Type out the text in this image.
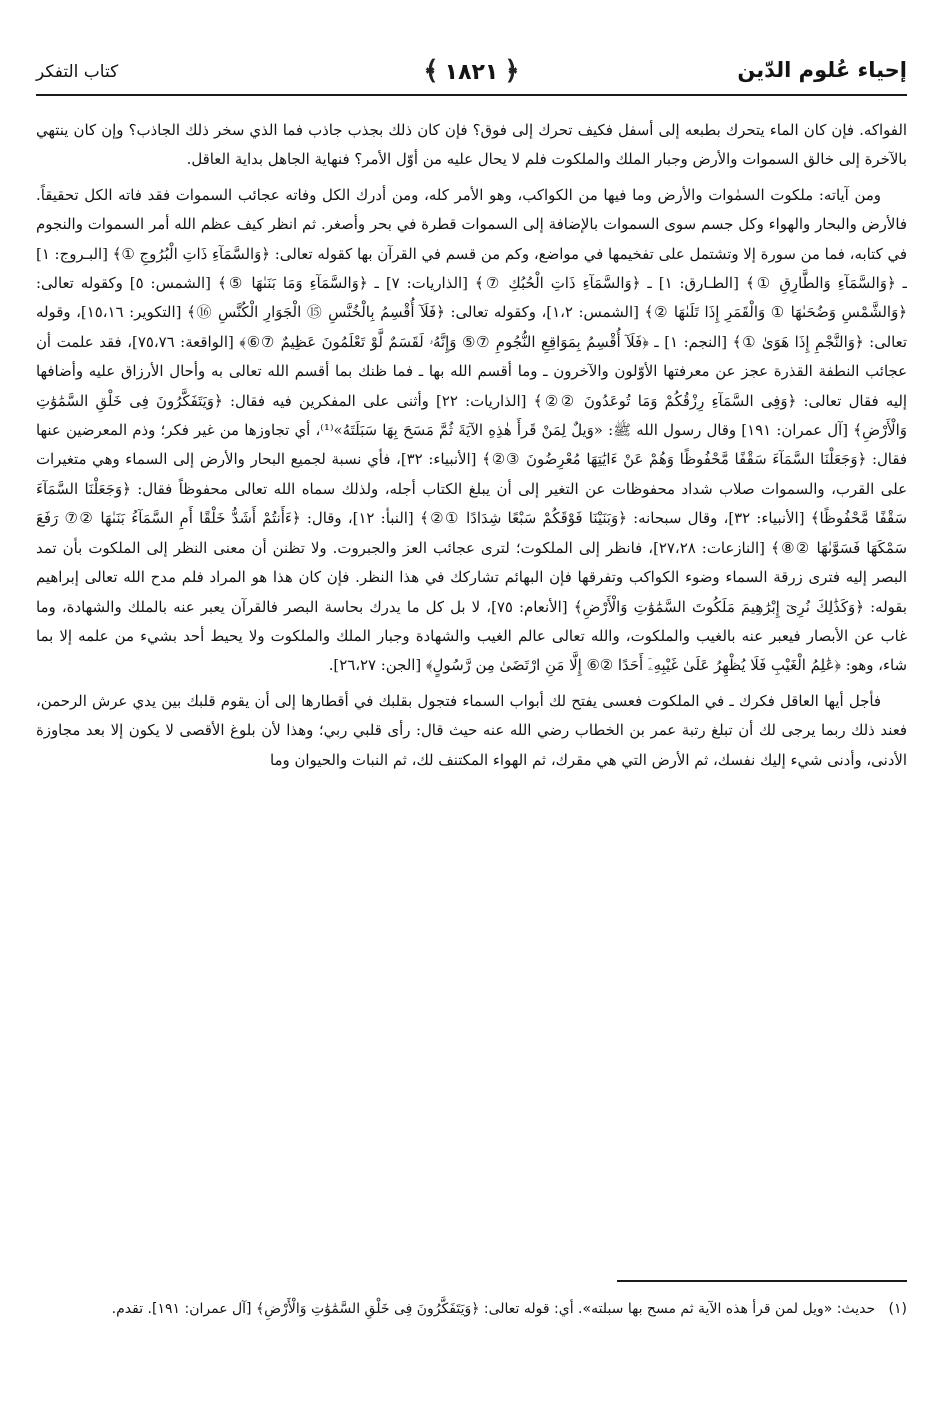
إحياء عُلوم الدّين
﴾ ١٨٢١ ﴿
كتاب التفكر

الفواكه. فإن كان الماء يتحرك بطبعه إلى أسفل فكيف تحرك إلى فوق؟ فإن كان ذلك بجذب جاذب فما الذي سخر ذلك الجاذب؟ وإن كان ينتهي بالآخرة إلى خالق السموات والأرض وجبار الملك والملكوت فلم لا يحال عليه من أوّل الأمر؟ فنهاية الجاهل بداية العاقل.

ومن آياته: ملكوت السمٰوات والأرض وما فيها من الكواكب، وهو الأمر كله، ومن أدرك الكل وفاته عجائب السموات فقد فاته الكل تحقيقاً. فالأرض والبحار والهواء وكل جسم سوى السموات بالإضافة إلى السموات قطرة في بحر وأصغر. ثم انظر كيف عظم الله أمر السموات والنجوم في كتابه، فما من سورة إلا وتشتمل على تفخيمها في مواضع، وكم من قسم في القرآن بها كقوله تعالى: ﴿وَالسَّمَآءِ ذَاتِ الْبُرُوجِ ①﴾ [البـروج: ١] ـ ﴿وَالسَّمَآءِ وَالطَّارِقِ ①﴾ [الطـارق: ١] ـ ﴿وَالسَّمَآءِ ذَاتِ الْحُبُكِ ⑦﴾ [الذاريات: ٧] ـ ﴿وَالسَّمَآءِ وَمَا بَنَىٰهَا ⑤﴾ [الشمس: ٥] وكقوله تعالى: ﴿وَالشَّمْسِ وَضُحَىٰهَا ① وَالْقَمَرِ إِذَا تَلَىٰهَا ②﴾ [الشمس: ١،٢]، وكقوله تعالى: ﴿فَلَآ أُقْسِمُ بِالْخُنَّسِ ⑮ الْجَوَارِ الْكُنَّسِ ⑯﴾ [التكوير: ١٥،١٦]، وقوله تعالى: ﴿وَالنَّجْمِ إِذَا هَوَىٰ ①﴾ [النجم: ١] ـ ﴿فَلَآ أُقْسِمُ بِمَوَاقِعِ النُّجُومِ ⑦⑤ وَإِنَّهُۥ لَقَسَمٌ لَّوْ تَعْلَمُونَ عَظِيمٌ ⑦⑥﴾ [الواقعة: ٧٥،٧٦]، فقد علمت أن عجائب النطفة القذرة عجز عن معرفتها الأوّلون والآخرون ـ وما أقسم الله بها ـ فما ظنك بما أقسم الله تعالى به وأحال الأرزاق عليه وأضافها إليه فقال تعالى: ﴿وَفِى السَّمَآءِ رِزْقُكُمْ وَمَا تُوعَدُونَ ②②﴾ [الذاريات: ٢٢] وأثنى على المفكرين فيه فقال: ﴿وَيَتَفَكَّرُونَ فِى خَلْقِ السَّمَٰوَٰتِ وَالْأَرْضِ﴾ [آل عمران: ١٩١] وقال رسول الله ﷺ: «وَيلٌ لِمَنْ قَرأَ هٰذِهِ الآيَةَ ثُمَّ مَسَحَ بِهَا سَبَلَتَهُ»⁽¹⁾، أي تجاوزها من غير فكر؛ وذم المعرضين عنها فقال: ﴿وَجَعَلْنَا السَّمَآءَ سَقْفًا مَّحْفُوظًا وَهُمْ عَنْ ءَايَٰتِهَا مُعْرِضُونَ ③②﴾ [الأنبياء: ٣٢]، فأي نسبة لجميع البحار والأرض إلى السماء وهي متغيرات على القرب، والسموات صلاب شداد محفوظات عن التغير إلى أن يبلغ الكتاب أجله، ولذلك سماه الله تعالى محفوظاً فقال: ﴿وَجَعَلْنَا السَّمَآءَ سَقْفًا مَّحْفُوظًا﴾ [الأنبياء: ٣٢]، وقال سبحانه: ﴿وَبَنَيْنَا فَوْقَكُمْ سَبْعًا شِدَادًا ①②﴾ [النبأ: ١٢]، وقال: ﴿ءَأَنتُمْ أَشَدُّ خَلْقًا أَمِ السَّمَآءُ بَنَىٰهَا ②⑦ رَفَعَ سَمْكَهَا فَسَوَّىٰهَا ②⑧﴾ [النازعات: ٢٧،٢٨]، فانظر إلى الملكوت؛ لترى عجائب العز والجبروت. ولا تظنن أن معنى النظر إلى الملكوت بأن تمد البصر إليه فترى زرقة السماء وضوء الكواكب وتفرقها فإن البهائم تشاركك في هذا النظر. فإن كان هذا هو المراد فلم مدح الله تعالى إبراهيم بقوله: ﴿وَكَذَٰلِكَ نُرِىٓ إِبْرَٰهِيمَ مَلَكُوتَ السَّمَٰوَٰتِ وَالْأَرْضِ﴾ [الأنعام: ٧٥]، لا بل كل ما يدرك بحاسة البصر فالقرآن يعبر عنه بالملك والشهادة، وما غاب عن الأبصار فيعبر عنه بالغيب والملكوت، والله تعالى عالم الغيب والشهادة وجبار الملك والملكوت ولا يحيط أحد بشيء من علمه إلا بما شاء، وهو: ﴿عَٰلِمُ الْغَيْبِ فَلَا يُظْهِرُ عَلَىٰ غَيْبِهِۦٓ أَحَدًا ②⑥ إِلَّا مَنِ ارْتَضَىٰ مِن رَّسُولٍ﴾ [الجن: ٢٦،٢٧].

فأجل أيها العاقل فكرك ـ في الملكوت فعسى يفتح لك أبواب السماء فتجول بقلبك في أقطارها إلى أن يقوم قلبك بين يدي عرش الرحمن، فعند ذلك ربما يرجى لك أن تبلغ رتبة عمر بن الخطاب رضي الله عنه حيث قال: رأى قلبي ربي؛ وهذا لأن بلوغ الأقصى لا يكون إلا بعد مجاوزة الأدنى، وأدنى شيء إليك نفسك، ثم الأرض التي هي مقرك، ثم الهواء المكتنف لك، ثم النبات والحيوان وما

(١)   حديث: «ويل لمن قرأ هذه الآية ثم مسح بها سبلته». أي: قوله تعالى: ﴿وَيَتَفَكَّرُونَ فِى خَلْقِ السَّمَٰوَٰتِ وَالْأَرْضِ﴾ [آل عمران: ١٩١]. تقدم.
